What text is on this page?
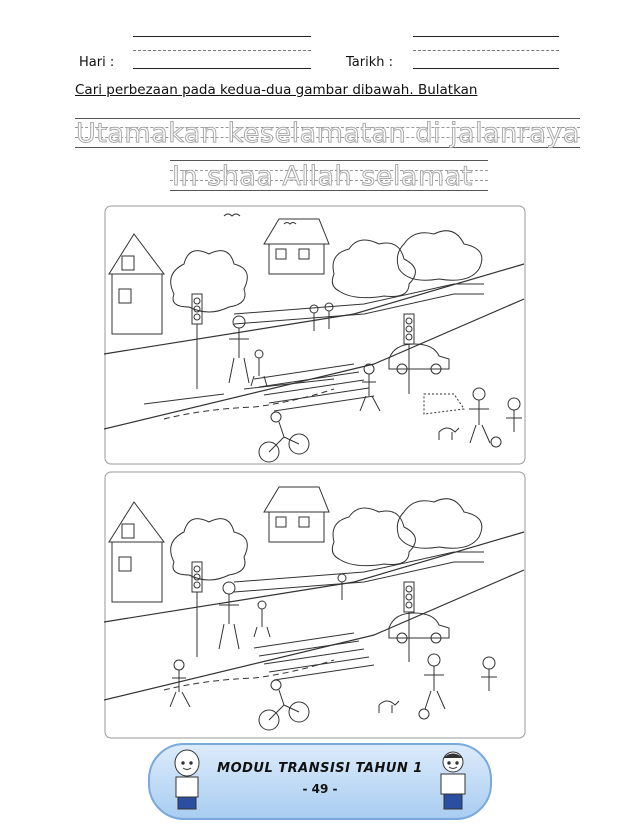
Hari :	Tarikh :
Cari perbezaan pada kedua-dua gambar dibawah. Bulatkan
Utamakan keselamatan di jalanraya
In shaa Allah selamat
MODUL TRANSISI TAHUN 1
- 49 -
